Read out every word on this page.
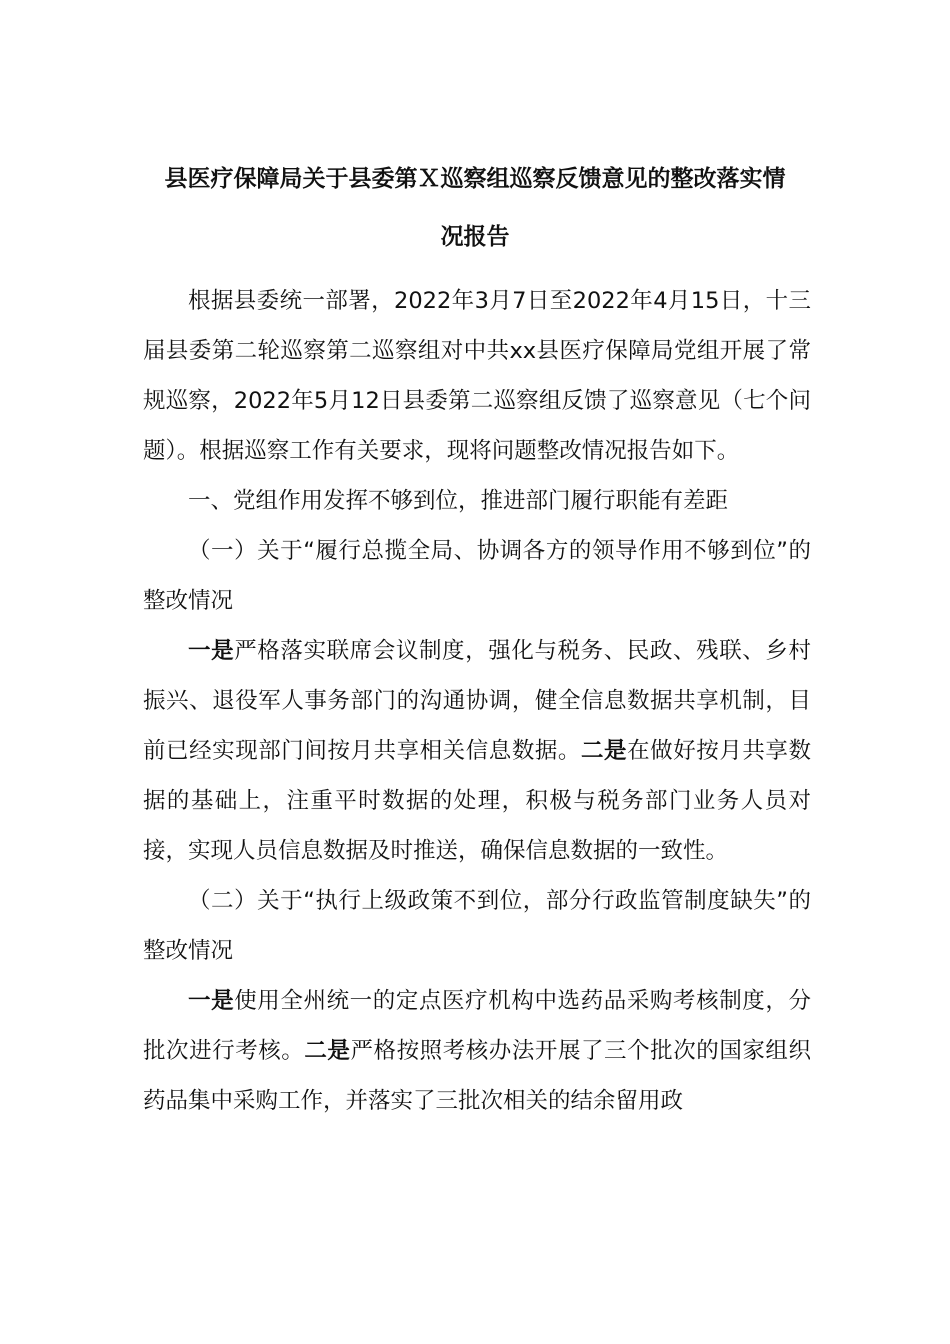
县医疗保障局关于县委第Ｘ巡察组巡察反馈意见的整改落实情
况报告

根据县委统一部署，2022年3月7日至2022年4月15日，十三届县委第二轮巡察第二巡察组对中共xx县医疗保障局党组开展了常规巡察，2022年5月12日县委第二巡察组反馈了巡察意见（七个问题）。根据巡察工作有关要求，现将问题整改情况报告如下。

一、党组作用发挥不够到位，推进部门履行职能有差距

（一）关于“履行总揽全局、协调各方的领导作用不够到位”的整改情况

一是严格落实联席会议制度，强化与税务、民政、残联、乡村振兴、退役军人事务部门的沟通协调，健全信息数据共享机制，目前已经实现部门间按月共享相关信息数据。二是在做好按月共享数据的基础上，注重平时数据的处理，积极与税务部门业务人员对接，实现人员信息数据及时推送，确保信息数据的一致性。

（二）关于“执行上级政策不到位，部分行政监管制度缺失”的整改情况

一是使用全州统一的定点医疗机构中选药品采购考核制度，分批次进行考核。二是严格按照考核办法开展了三个批次的国家组织药品集中采购工作，并落实了三批次相关的结余留用政
